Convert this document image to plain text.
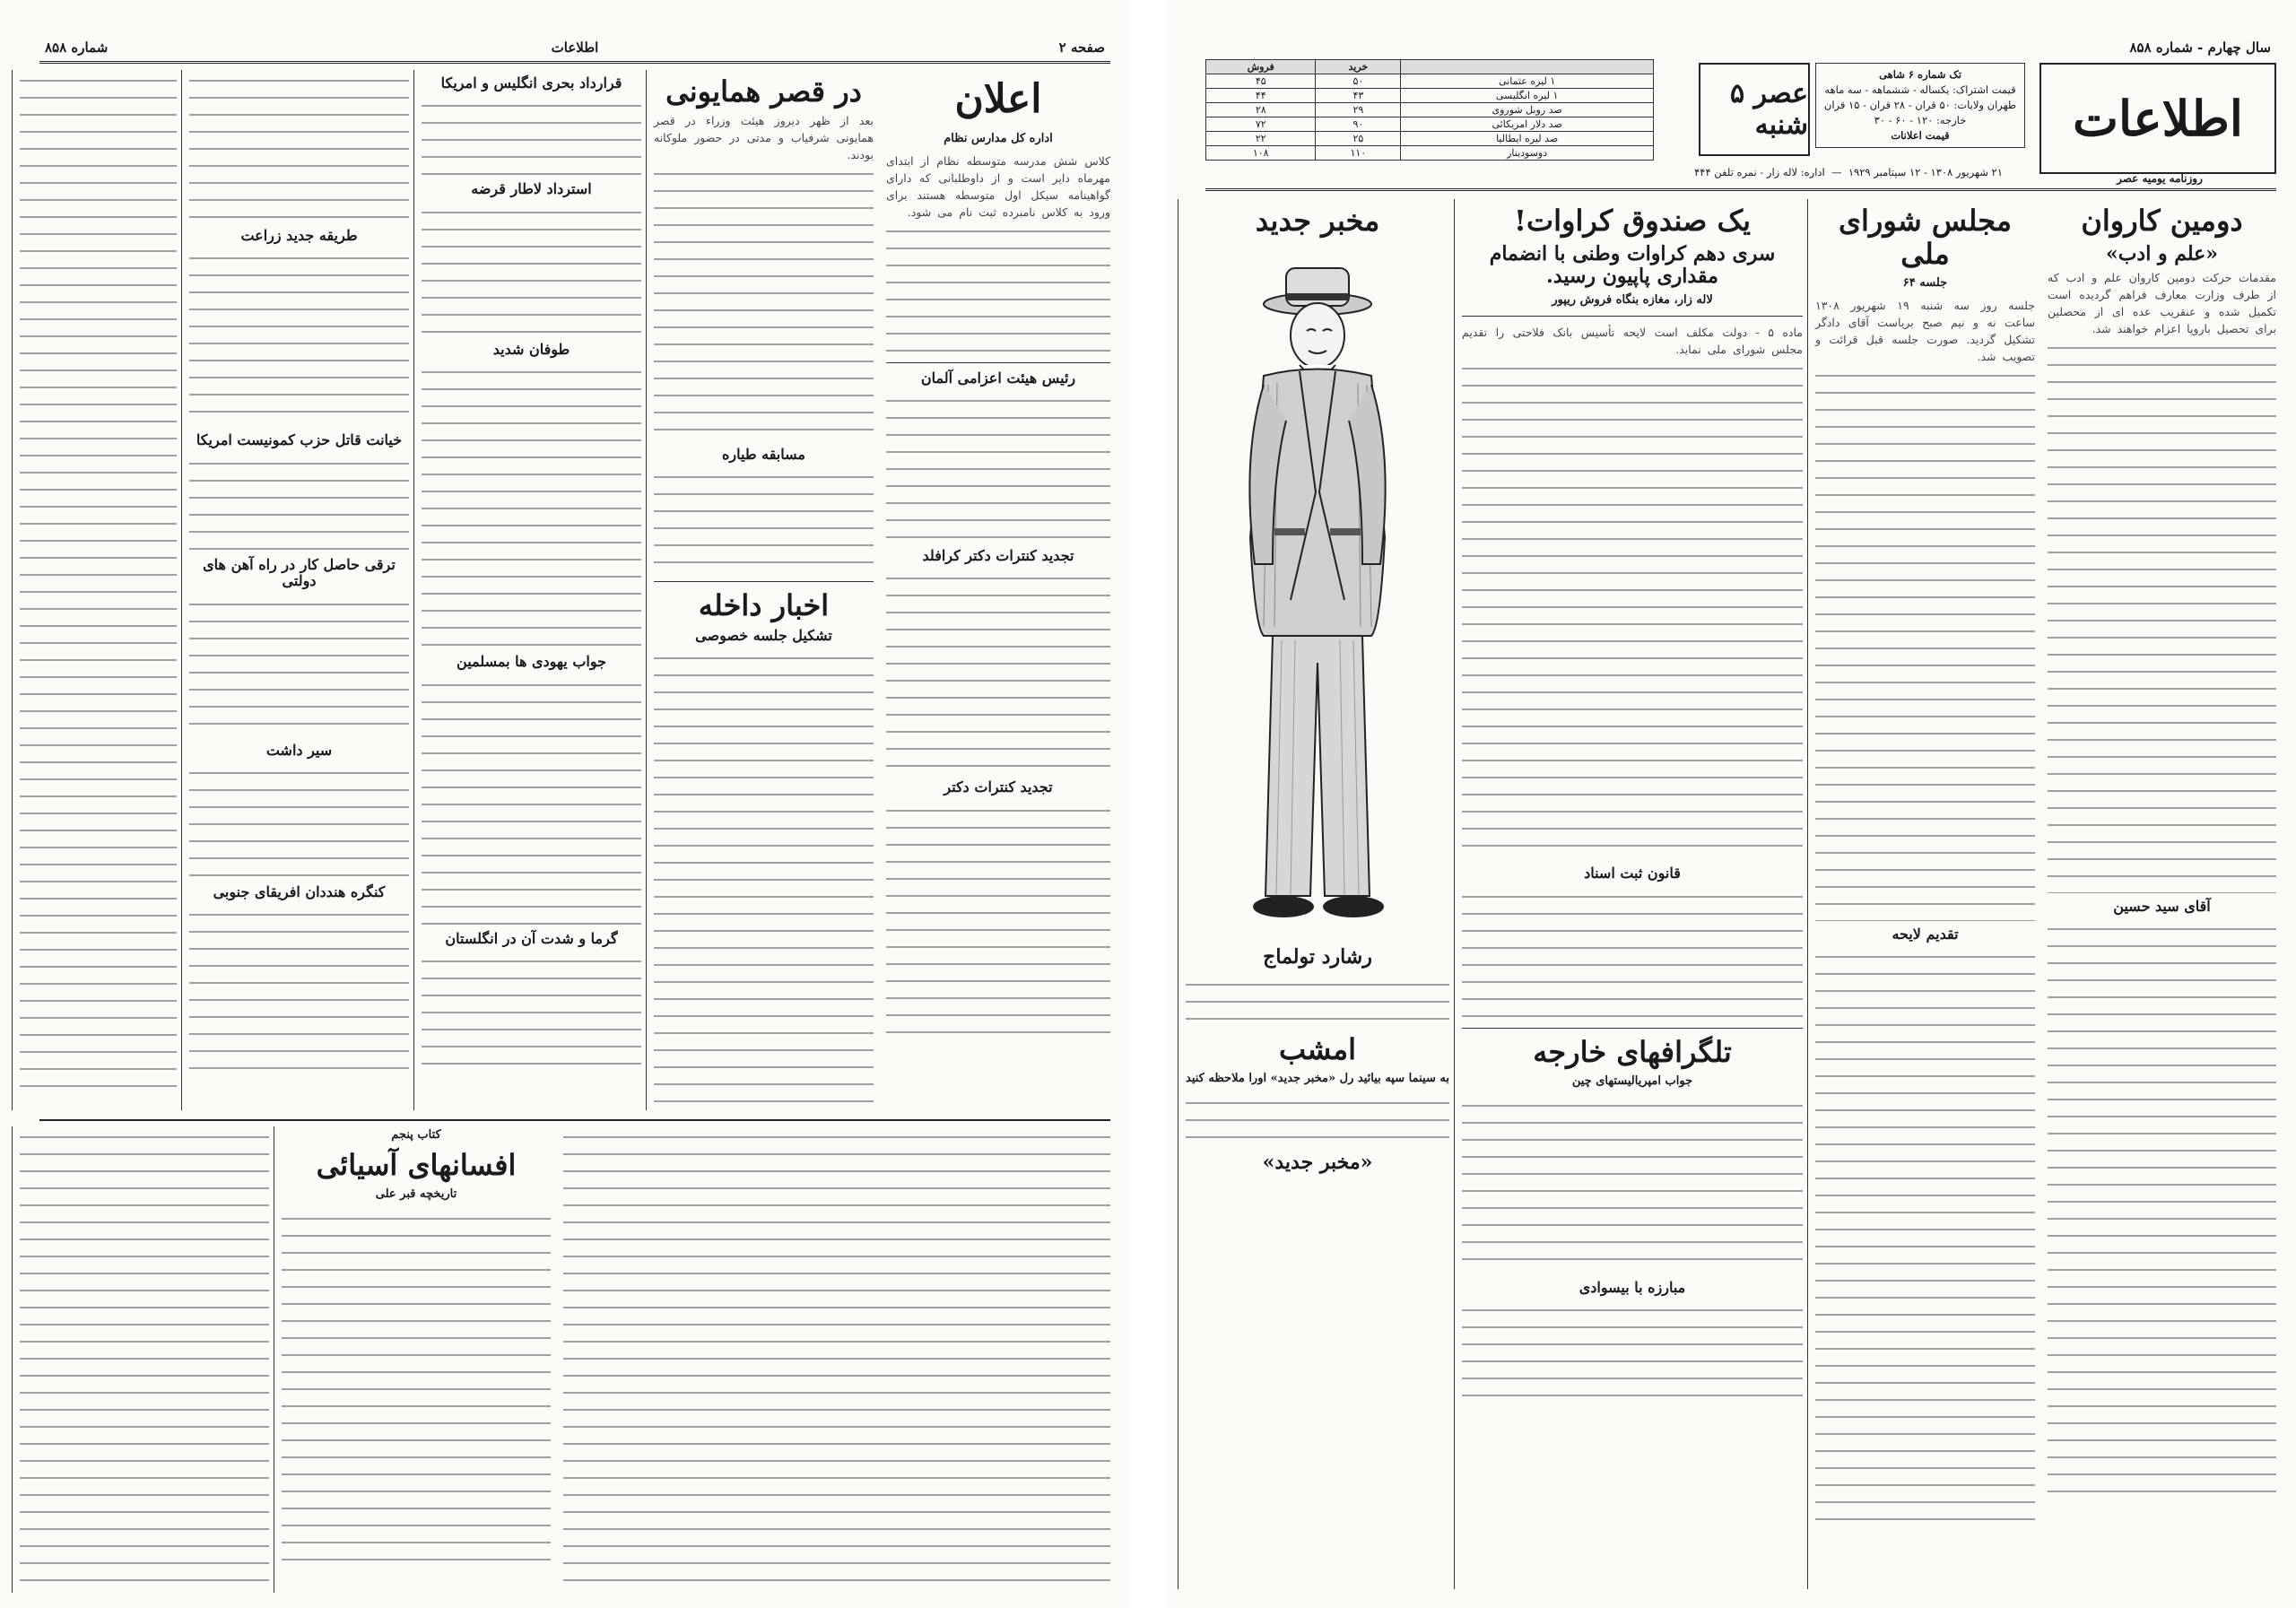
صفحه ۲
اطلاعات
شماره ۸۵۸
اعلان
اداره کل مدارس نظام
کلاس شش مدرسه متوسطه نظام از ابتدای مهرماه دایر است و از داوطلبانی که دارای گواهینامه سیکل اول متوسطه هستند برای ورود به کلاس نامبرده ثبت نام می شود.
رئیس هیئت اعزامی آلمان
تجدید کنترات دکتر کرافلد
تجدید کنترات دکتر
در قصر همایونی
بعد از ظهر دیروز هیئت وزراء در قصر همایونی شرفیاب و مدتی در حضور ملوکانه بودند.
مسابقه طیاره
اخبار داخله
تشکیل جلسه خصوصی
قرارداد بحری انگلیس و امریکا
استرداد لاطار قرضه
طوفان شدید
جواب یهودی ها بمسلمین
گرما و شدت آن در انگلستان
طریقه جدید زراعت
خیانت قاتل حزب کمونیست امریکا
ترقی حاصل کار در راه آهن های دولتی
سیر داشت
کنگره هنددان افریقای جنوبی
کتاب پنجم
افسانهای آسیائی
تاریخچه قبر علی
سال چهارم - شماره ۸۵۸
اطلاعات
روزنامه یومیه عصر
تک شماره ۶ شاهی
قیمت اشتراک: یکساله - ششماهه - سه ماهه
طهران ولایات: ۵۰ قران - ۲۸ قران - ۱۵ قران
خارجه: ۱۲۰ - ۶۰ - ۳۰
قیمت اعلانات
عصر ۵ شنبه
۲۱ شهریور ۱۳۰۸ - ۱۲ سپتامبر ۱۹۲۹  —  اداره: لاله زار - نمره تلفن ۴۴۴
	خرید	فروش
۱ لیره عثمانی	۵۰	۴۵
۱ لیره انگلیسی	۴۳	۴۴
صد روبل شوروی	۲۹	۲۸
صد دلار امریکائی	۹۰	۷۲
صد لیره ایطالیا	۲۵	۲۲
دوسودینار	۱۱۰	۱۰۸
دومین کاروان
«علم و ادب»
مقدمات حرکت دومین کاروان علم و ادب که از طرف وزارت معارف فراهم گردیده است تکمیل شده و عنقریب عده ای از محصلین برای تحصیل باروپا اعزام خواهند شد.
آقای سید حسین
مجلس شورای ملی
جلسه ۶۴
جلسه روز سه شنبه ۱۹ شهریور ۱۳۰۸ ساعت نه و نیم صبح بریاست آقای دادگر تشکیل گردید. صورت جلسه قبل قرائت و تصویب شد.
تقدیم لایحه
یک صندوق کراوات!
سری دهم کراوات وطنی با انضمام مقداری پاپیون رسید.
لاله زار، مغازه بنگاه فروش ریپور
ماده ۵ - دولت مکلف است لایحه تأسیس بانک فلاحتی را تقدیم مجلس شورای ملی نماید.
قانون ثبت اسناد
تلگرافهای خارجه
جواب امپریالیستهای چین
مبارزه با بیسوادی
مخبر جدید
رشارد تولماج
امشب
به سینما سپه بیائید رل «مخبر جدید» اورا ملاحظه کنید
«مخبر جدید»
